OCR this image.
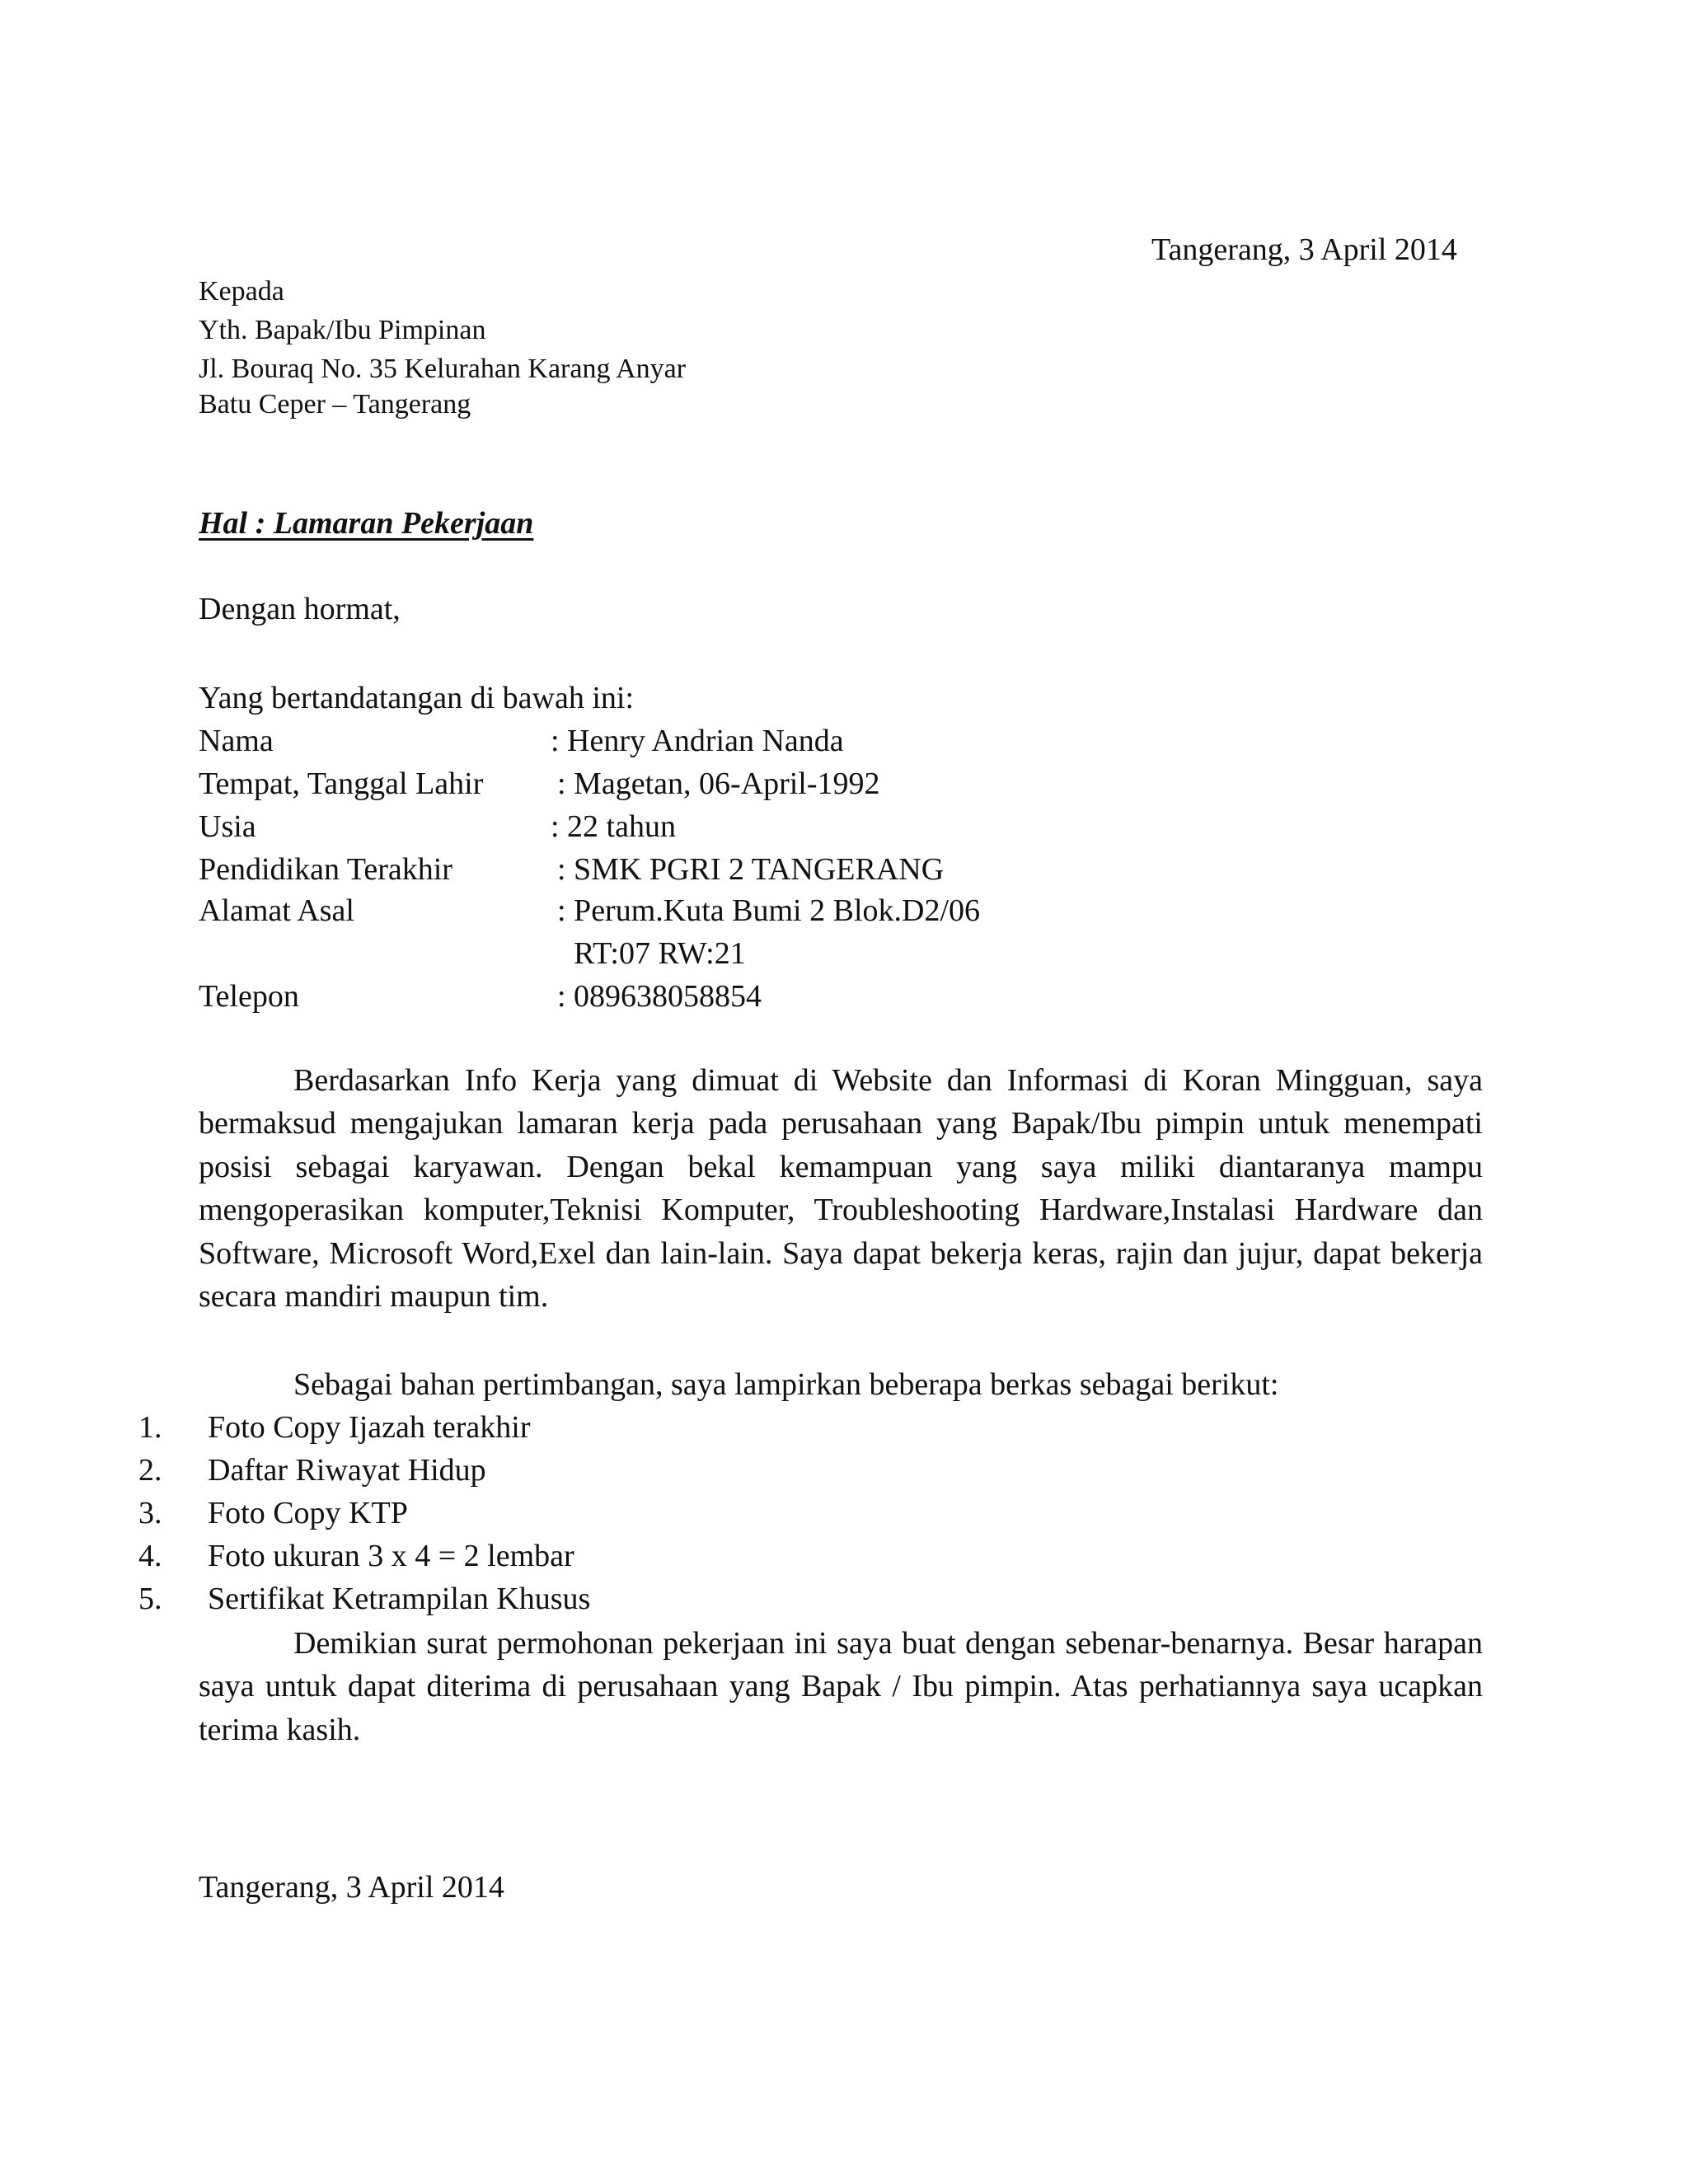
Tangerang, 3 April 2014
Kepada
Yth. Bapak/Ibu Pimpinan
Jl. Bouraq No. 35 Kelurahan Karang Anyar
Batu Ceper – Tangerang
Hal : Lamaran Pekerjaan
Dengan hormat,
Yang bertandatangan di bawah ini:
Nama	: Henry Andrian Nanda
Tempat, Tanggal Lahir : Magetan, 06-April-1992
Usia	: 22 tahun
Pendidikan Terakhir	: SMK PGRI 2 TANGERANG
Alamat Asal	: Perum.Kuta Bumi 2 Blok.D2/06
RT:07 RW:21
Telepon	: 089638058854
Berdasarkan Info Kerja yang dimuat di Website dan Informasi di Koran Mingguan, saya bermaksud mengajukan lamaran kerja pada perusahaan yang Bapak/Ibu pimpin untuk menempati posisi sebagai karyawan. Dengan bekal kemampuan yang saya miliki diantaranya mampu mengoperasikan komputer,Teknisi Komputer, Troubleshooting Hardware,Instalasi Hardware dan Software, Microsoft Word,Exel dan lain-lain. Saya dapat bekerja keras, rajin dan jujur, dapat bekerja secara mandiri maupun tim.
Sebagai bahan pertimbangan, saya lampirkan beberapa berkas sebagai berikut:
1. Foto Copy Ijazah terakhir
2. Daftar Riwayat Hidup
3. Foto Copy KTP
4. Foto ukuran 3 x 4 = 2 lembar
5. Sertifikat Ketrampilan Khusus
Demikian surat permohonan pekerjaan ini saya buat dengan sebenar-benarnya. Besar harapan saya untuk dapat diterima di perusahaan yang Bapak / Ibu pimpin. Atas perhatiannya saya ucapkan terima kasih.
Tangerang, 3 April 2014
